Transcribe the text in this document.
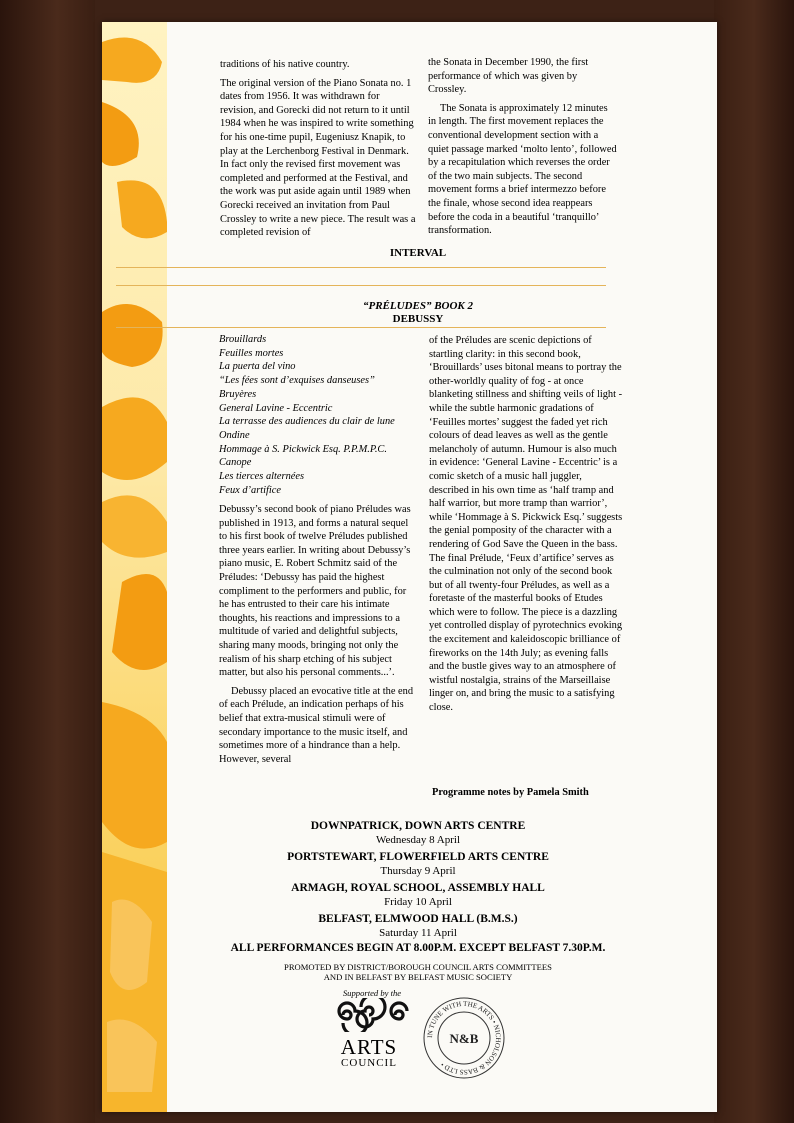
traditions of his native country.

The original version of the Piano Sonata no. 1 dates from 1956. It was withdrawn for revision, and Gorecki did not return to it until 1984 when he was inspired to write something for his one-time pupil, Eugeniusz Knapik, to play at the Lerchenborg Festival in Denmark. In fact only the revised first movement was completed and performed at the Festival, and the work was put aside again until 1989 when Gorecki received an invitation from Paul Crossley to write a new piece. The result was a completed revision of

the Sonata in December 1990, the first performance of which was given by Crossley.

The Sonata is approximately 12 minutes in length. The first movement replaces the conventional development section with a quiet passage marked ‘molto lento’, followed by a recapitulation which reverses the order of the two main subjects. The second movement forms a brief intermezzo before the finale, whose second idea reappears before the coda in a beautiful ‘tranquillo’ transformation.

INTERVAL
“PRÉLUDES” BOOK 2
DEBUSSY
Brouillards
Feuilles mortes
La puerta del vino
“Les fées sont d’exquises danseuses”
Bruyères
General Lavine - Eccentric
La terrasse des audiences du clair de lune
Ondine
Hommage à S. Pickwick Esq. P.P.M.P.C.
Canope
Les tierces alternées
Feux d’artifice

Debussy’s second book of piano Préludes was published in 1913, and forms a natural sequel to his first book of twelve Préludes published three years earlier. In writing about Debussy’s piano music, E. Robert Schmitz said of the Préludes: ‘Debussy has paid the highest compliment to the performers and public, for he has entrusted to their care his intimate thoughts, his reactions and impressions to a multitude of varied and delightful subjects, sharing many moods, bringing not only the realism of his sharp etching of his subject matter, but also his personal comments...’.

Debussy placed an evocative title at the end of each Prélude, an indication perhaps of his belief that extra-musical stimuli were of secondary importance to the music itself, and sometimes more of a hindrance than a help. However, several

of the Préludes are scenic depictions of startling clarity: in this second book, ‘Brouillards’ uses bitonal means to portray the other-worldly quality of fog - at once blanketing stillness and shifting veils of light - while the subtle harmonic gradations of ‘Feuilles mortes’ suggest the faded yet rich colours of dead leaves as well as the gentle melancholy of autumn. Humour is also much in evidence: ‘General Lavine - Eccentric’ is a comic sketch of a music hall juggler, described in his own time as ‘half tramp and half warrior, but more tramp than warrior’, while ‘Hommage à S. Pickwick Esq.’ suggests the genial pomposity of the character with a rendering of God Save the Queen in the bass. The final Prélude, ‘Feux d’artifice’ serves as the culmination not only of the second book but of all twenty-four Préludes, as well as a foretaste of the masterful books of Etudes which were to follow. The piece is a dazzling yet controlled display of pyrotechnics evoking the excitement and kaleidoscopic brilliance of fireworks on the 14th July; as evening falls and the bustle gives way to an atmosphere of wistful nostalgia, strains of the Marseillaise linger on, and bring the music to a satisfying close.

Programme notes by Pamela Smith
DOWNPATRICK, DOWN ARTS CENTRE
Wednesday 8 April
PORTSTEWART, FLOWERFIELD ARTS CENTRE
Thursday 9 April
ARMAGH, ROYAL SCHOOL, ASSEMBLY HALL
Friday 10 April
BELFAST, ELMWOOD HALL (B.M.S.)
Saturday 11 April
ALL PERFORMANCES BEGIN AT 8.00P.M. EXCEPT BELFAST 7.30P.M.
PROMOTED BY DISTRICT/BOROUGH COUNCIL ARTS COMMITTEES
AND IN BELFAST BY BELFAST MUSIC SOCIETY
Supported by the
ARTS
COUNCIL
IN TUNE WITH THE ARTS • NICHOLSON & BASS LTD •
N&B
